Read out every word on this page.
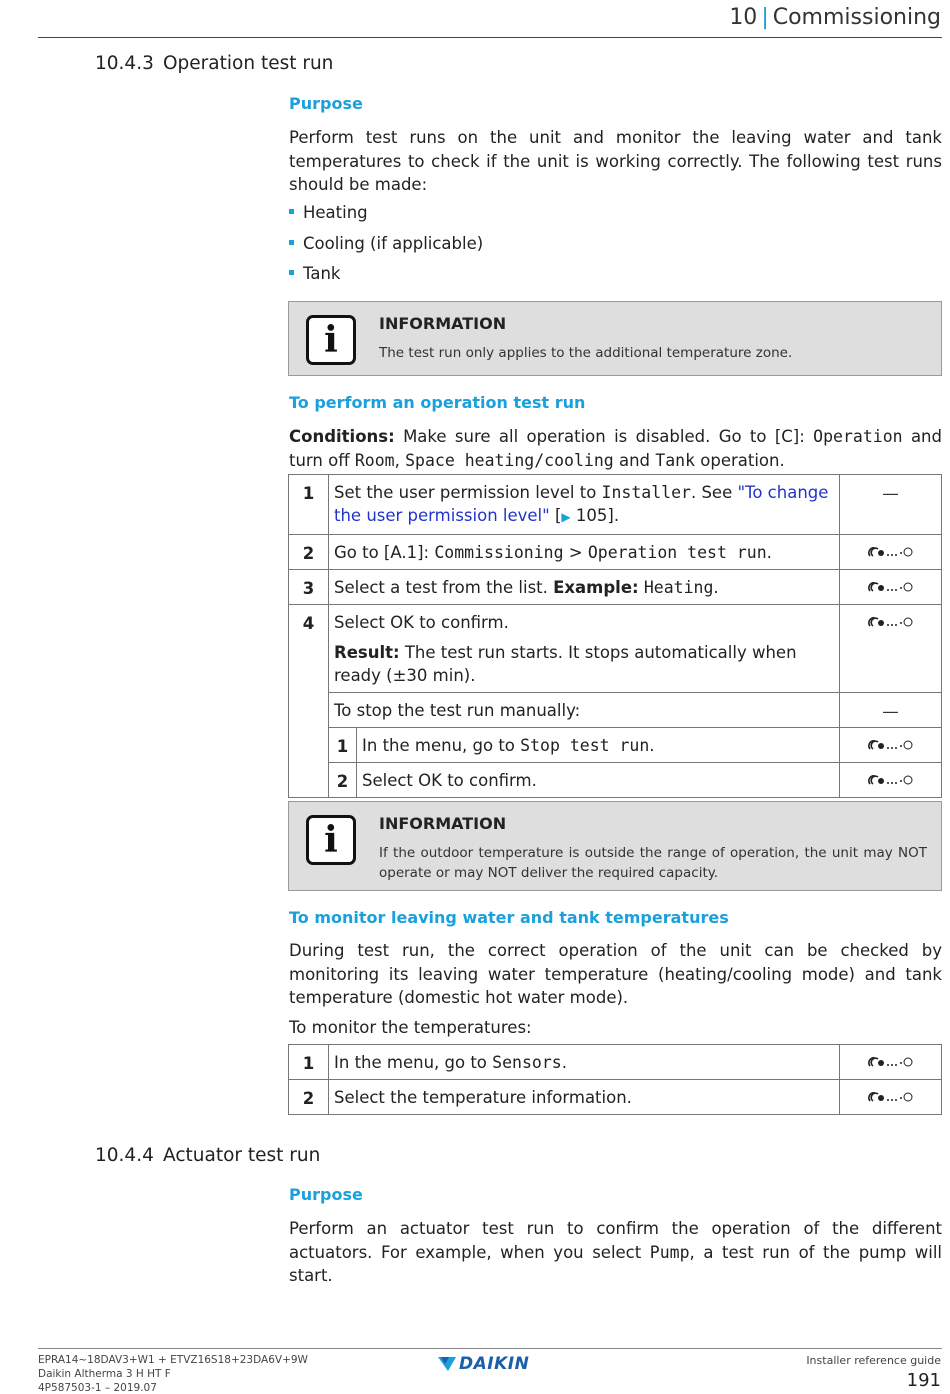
10 | Commissioning
10.4.3 Operation test run
Purpose
Perform test runs on the unit and monitor the leaving water and tank temperatures to check if the unit is working correctly. The following test runs should be made:
Heating
Cooling (if applicable)
Tank
i	INFORMATION
The test run only applies to the additional temperature zone.
To perform an operation test run
Conditions: Make sure all operation is disabled. Go to [C]: Operation and turn off Room, Space heating/cooling and Tank operation.
1	Set the user permission level to Installer. See "To change the user permission level" [▶ 105].		—
2	Go to [A.1]: Commissioning > Operation test run.	
3	Select a test from the list. Example: Heating.	
4	Select OK to confirm.
Result: The test run starts. It stops automatically when ready (±30 min).

	To stop the test run manually:		—
	1	In the menu, go to Stop test run.	
	2	Select OK to confirm.	
i	INFORMATION
If the outdoor temperature is outside the range of operation, the unit may NOT operate or may NOT deliver the required capacity.
To monitor leaving water and tank temperatures
During test run, the correct operation of the unit can be checked by monitoring its leaving water temperature (heating/cooling mode) and tank temperature (domestic hot water mode).
To monitor the temperatures:
1	In the menu, go to Sensors.	
2	Select the temperature information.	
10.4.4 Actuator test run
Purpose
Perform an actuator test run to confirm the operation of the different actuators. For example, when you select Pump, a test run of the pump will start.
EPRA14~18DAV3+W1 + ETVZ16S18+23DA6V+9W
Daikin Altherma 3 H HT F
4P587503-1 – 2019.07
DAIKIN	Installer reference guide
191
